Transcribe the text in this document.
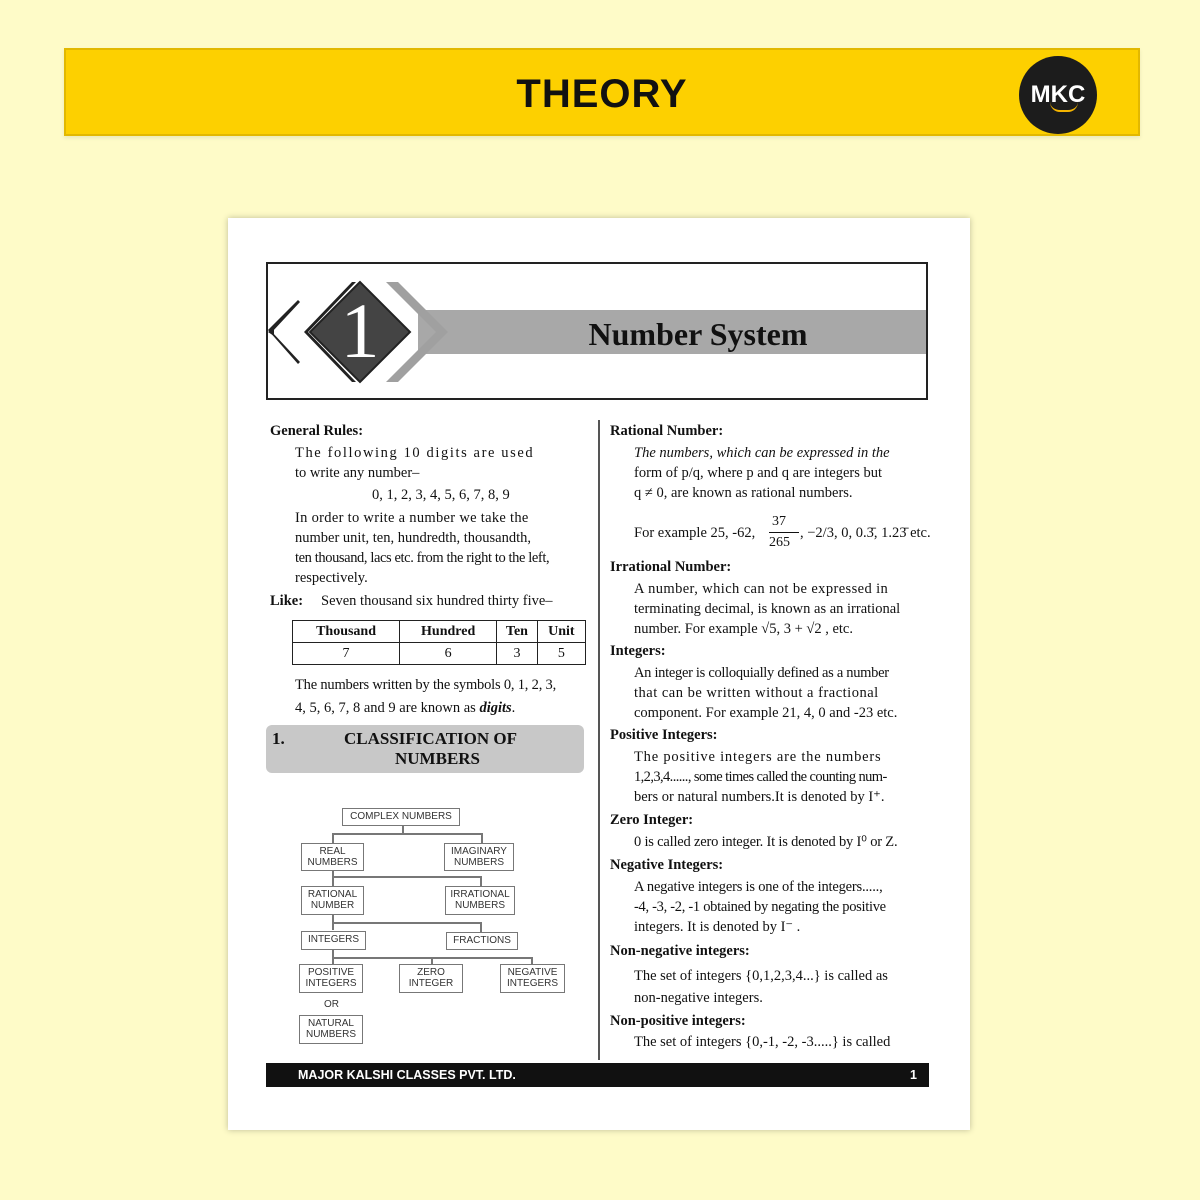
THEORY	MKC
1	Number System
General Rules:
The following 10 digits are used
to write any number–
0, 1, 2, 3, 4, 5, 6, 7, 8, 9
In order to write a number we take the
number unit, ten, hundredth, thousandth,
ten thousand, lacs etc. from the right to the left,
respectively.
Like: Seven thousand six hundred thirty five–
Thousand	Hundred	Ten	Unit
7	6	3	5
The numbers written by the symbols 0, 1, 2, 3,
4, 5, 6, 7, 8 and 9 are known as digits.
1.	CLASSIFICATION OF
NUMBERS
COMPLEX NUMBERS
REAL
NUMBERS
IMAGINARY
NUMBERS
RATIONAL
NUMBER
IRRATIONAL
NUMBERS
INTEGERS	FRACTIONS
POSITIVE
INTEGERS
ZERO
INTEGER
NEGATIVE
INTEGERS
OR
NATURAL
NUMBERS
Rational Number:
The numbers, which can be expressed in the
form of p/q, where p and q are integers but
q ≠ 0, are known as rational numbers.
For example 25, -62,
37
265
, −2/3, 0, 0.3̄, 1.23̄ etc.
Irrational Number:
A number, which can not be expressed in
terminating decimal, is known as an irrational
number. For example √5, 3 + √2 , etc.
Integers:
An integer is colloquially defined as a number
that can be written without a fractional
component. For example 21, 4, 0 and -23 etc.
Positive Integers:
The positive integers are the numbers
1,2,3,4......, some times called the counting num-
bers or natural numbers.It is denoted by I⁺.
Zero Integer:
0 is called zero integer. It is denoted by I⁰ or Z.
Negative Integers:
A negative integers is one of the integers.....,
-4, -3, -2, -1 obtained by negating the positive
integers. It is denoted by I⁻ .
Non-negative integers:
The set of integers {0,1,2,3,4...} is called as
non-negative integers.
Non-positive integers:
The set of integers {0,-1, -2, -3.....} is called
MAJOR KALSHI CLASSES PVT. LTD.	1
